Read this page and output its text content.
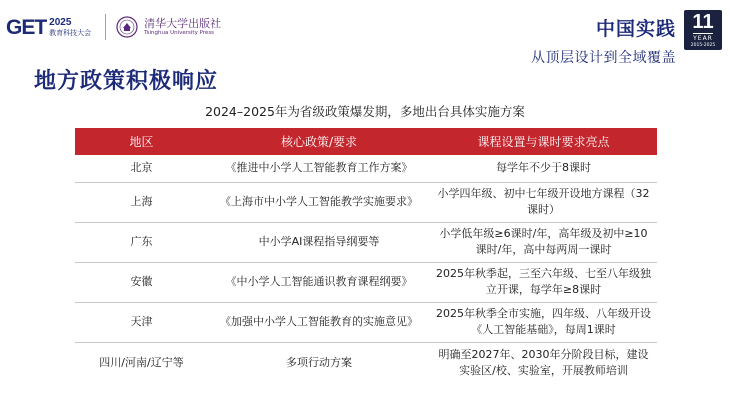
GET 2025
教育科技大会
清华大学出版社
Tsinghua University Press	中国实践
从顶层设计到全域覆盖
11
YEAR
2015-2025
地方政策积极响应
2024–2025年为省级政策爆发期，多地出台具体实施方案
地区	核心政策/要求	课程设置与课时要求亮点
北京	《推进中小学人工智能教育工作方案》	每学年不少于8课时
上海	《上海市中小学人工智能教学实施要求》	小学四年级、初中七年级开设地方课程（32课时）
广东	中小学AI课程指导纲要等	小学低年级≥6课时/年，高年级及初中≥10课时/年，高中每两周一课时
安徽	《中小学人工智能通识教育课程纲要》	2025年秋季起，三至六年级、七至八年级独立开课，每学年≥8课时
天津	《加强中小学人工智能教育的实施意见》	2025年秋季全市实施，四年级、八年级开设《人工智能基础》，每周1课时
四川/河南/辽宁等	多项行动方案	明确至2027年、2030年分阶段目标，建设实验区/校、实验室，开展教师培训
